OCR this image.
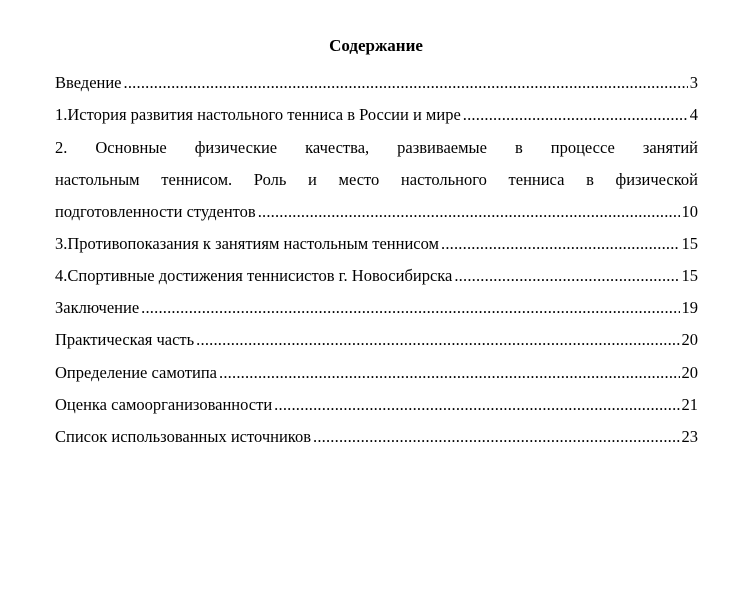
Содержание
Введение .....	3
1. История развития настольного тенниса в России и мире .....	4
2. Основные физические качества, развиваемые в процессе занятий
настольным теннисом. Роль и место настольного тенниса в физической
подготовленности студентов .....	10
3. Противопоказания к занятиям настольным теннисом .....	15
4. Спортивные достижения теннисистов г. Новосибирска .....	15
Заключение .....	19
Практическая часть .....	20
Определение самотипа .....	20
Оценка самоорганизованности .....	21
Список использованных источников .....	23
